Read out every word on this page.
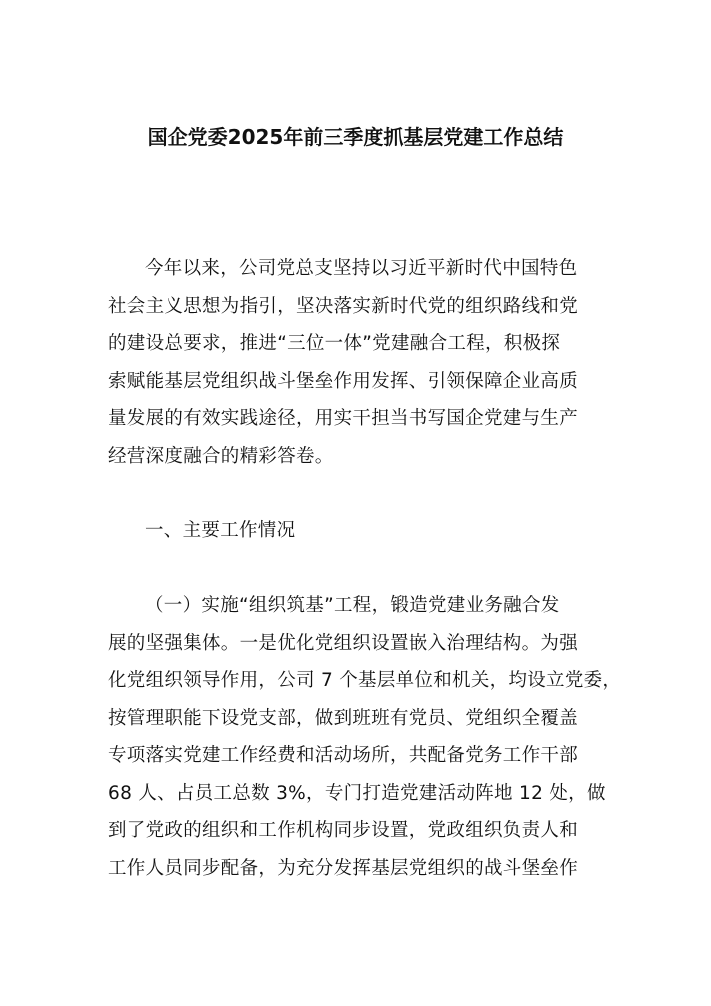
国企党委2025年前三季度抓基层党建工作总结
今年以来，公司党总支坚持以习近平新时代中国特色
社会主义思想为指引，坚决落实新时代党的组织路线和党
的建设总要求，推进“三位一体”党建融合工程，积极探
索赋能基层党组织战斗堡垒作用发挥、引领保障企业高质
量发展的有效实践途径，用实干担当书写国企党建与生产
经营深度融合的精彩答卷。
一、主要工作情况
（一）实施“组织筑基”工程，锻造党建业务融合发
展的坚强集体。一是优化党组织设置嵌入治理结构。为强
化党组织领导作用，公司 7 个基层单位和机关，均设立党委，
按管理职能下设党支部，做到班班有党员、党组织全覆盖
专项落实党建工作经费和活动场所，共配备党务工作干部
68 人、占员工总数 3%，专门打造党建活动阵地 12 处，做
到了党政的组织和工作机构同步设置，党政组织负责人和
工作人员同步配备，为充分发挥基层党组织的战斗堡垒作
